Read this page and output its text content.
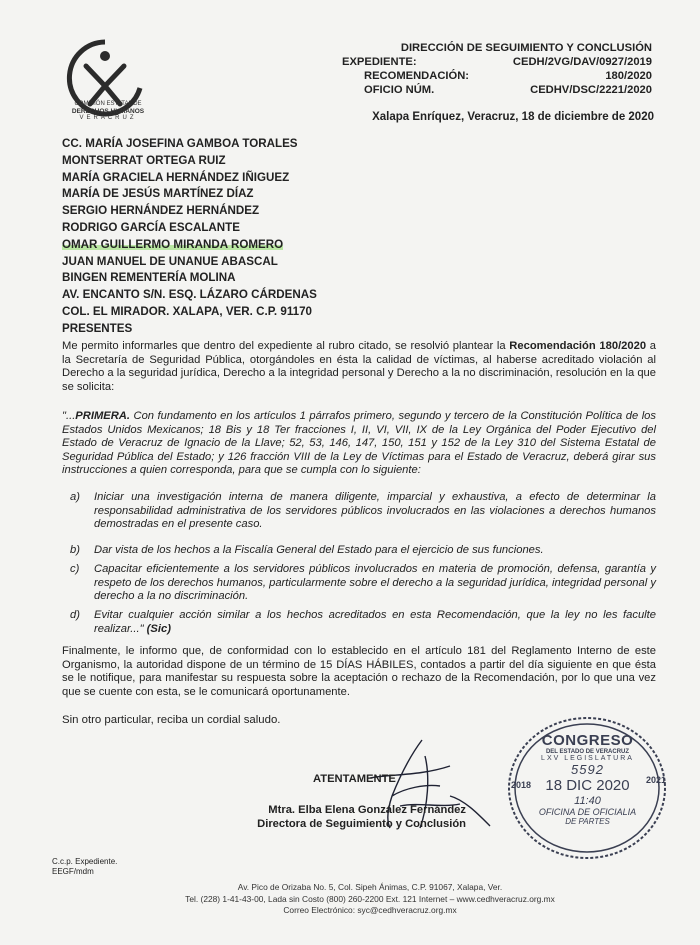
COMISIÓN ESTATAL DE
DERECHOS HUMANOS
VERACRUZ
DIRECCIÓN DE SEGUIMIENTO Y CONCLUSIÓN
EXPEDIENTE:	CEDH/2VG/DAV/0927/2019
RECOMENDACIÓN:	180/2020
OFICIO NÚM.	CEDHV/DSC/2221/2020
Xalapa Enríquez, Veracruz, 18 de diciembre de 2020
CC. MARÍA JOSEFINA GAMBOA TORALES
MONTSERRAT ORTEGA RUIZ
MARÍA GRACIELA HERNÁNDEZ IÑIGUEZ
MARÍA DE JESÚS MARTÍNEZ DÍAZ
SERGIO HERNÁNDEZ HERNÁNDEZ
RODRIGO GARCÍA ESCALANTE
OMAR GUILLERMO MIRANDA ROMERO
JUAN MANUEL DE UNANUE ABASCAL
BINGEN REMENTERÍA MOLINA
AV. ENCANTO S/N. ESQ. LÁZARO CÁRDENAS
COL. EL MIRADOR. XALAPA, VER. C.P. 91170
PRESENTES
Me permito informarles que dentro del expediente al rubro citado, se resolvió plantear la Recomendación 180/2020 a la Secretaría de Seguridad Pública, otorgándoles en ésta la calidad de víctimas, al haberse acreditado violación al Derecho a la seguridad jurídica, Derecho a la integridad personal y Derecho a la no discriminación, resolución en la que se solicita:
"...PRIMERA. Con fundamento en los artículos 1 párrafos primero, segundo y tercero de la Constitución Política de los Estados Unidos Mexicanos; 18 Bis y 18 Ter fracciones I, II, VI, VII, IX de la Ley Orgánica del Poder Ejecutivo del Estado de Veracruz de Ignacio de la Llave; 52, 53, 146, 147, 150, 151 y 152 de la Ley 310 del Sistema Estatal de Seguridad Pública del Estado; y 126 fracción VIII de la Ley de Víctimas para el Estado de Veracruz, deberá girar sus instrucciones a quien corresponda, para que se cumpla con lo siguiente:
a) Iniciar una investigación interna de manera diligente, imparcial y exhaustiva, a efecto de determinar la responsabilidad administrativa de los servidores públicos involucrados en las violaciones a derechos humanos demostradas en el presente caso.
b) Dar vista de los hechos a la Fiscalía General del Estado para el ejercicio de sus funciones.
c) Capacitar eficientemente a los servidores públicos involucrados en materia de promoción, defensa, garantía y respeto de los derechos humanos, particularmente sobre el derecho a la seguridad jurídica, integridad personal y derecho a la no discriminación.
d) Evitar cualquier acción similar a los hechos acreditados en esta Recomendación, que la ley no les faculte realizar..." (Sic)
Finalmente, le informo que, de conformidad con lo establecido en el artículo 181 del Reglamento Interno de este Organismo, la autoridad dispone de un término de 15 DÍAS HÁBILES, contados a partir del día siguiente en que ésta se le notifique, para manifestar su respuesta sobre la aceptación o rechazo de la Recomendación, por lo que una vez que se cuente con esta, se le comunicará oportunamente.
Sin otro particular, reciba un cordial saludo.
ATENTAMENTE
Mtra. Elba Elena González Fernández
Directora de Seguimiento y Conclusión
CONGRESO
DEL ESTADO DE VERACRUZ
LXV LEGISLATURA
5592
2018 18 DIC 2020 2021
11:40
OFICINA DE OFICIALIA
DE PARTES
C.c.p. Expediente.
EEGF/mdm
Av. Pico de Orizaba No. 5, Col. Sipeh Ánimas, C.P. 91067, Xalapa, Ver.
Tel. (228) 1-41-43-00, Lada sin Costo (800) 260-2200 Ext. 121 Internet – www.cedhveracruz.org.mx
Correo Electrónico: syc@cedhveracruz.org.mx
